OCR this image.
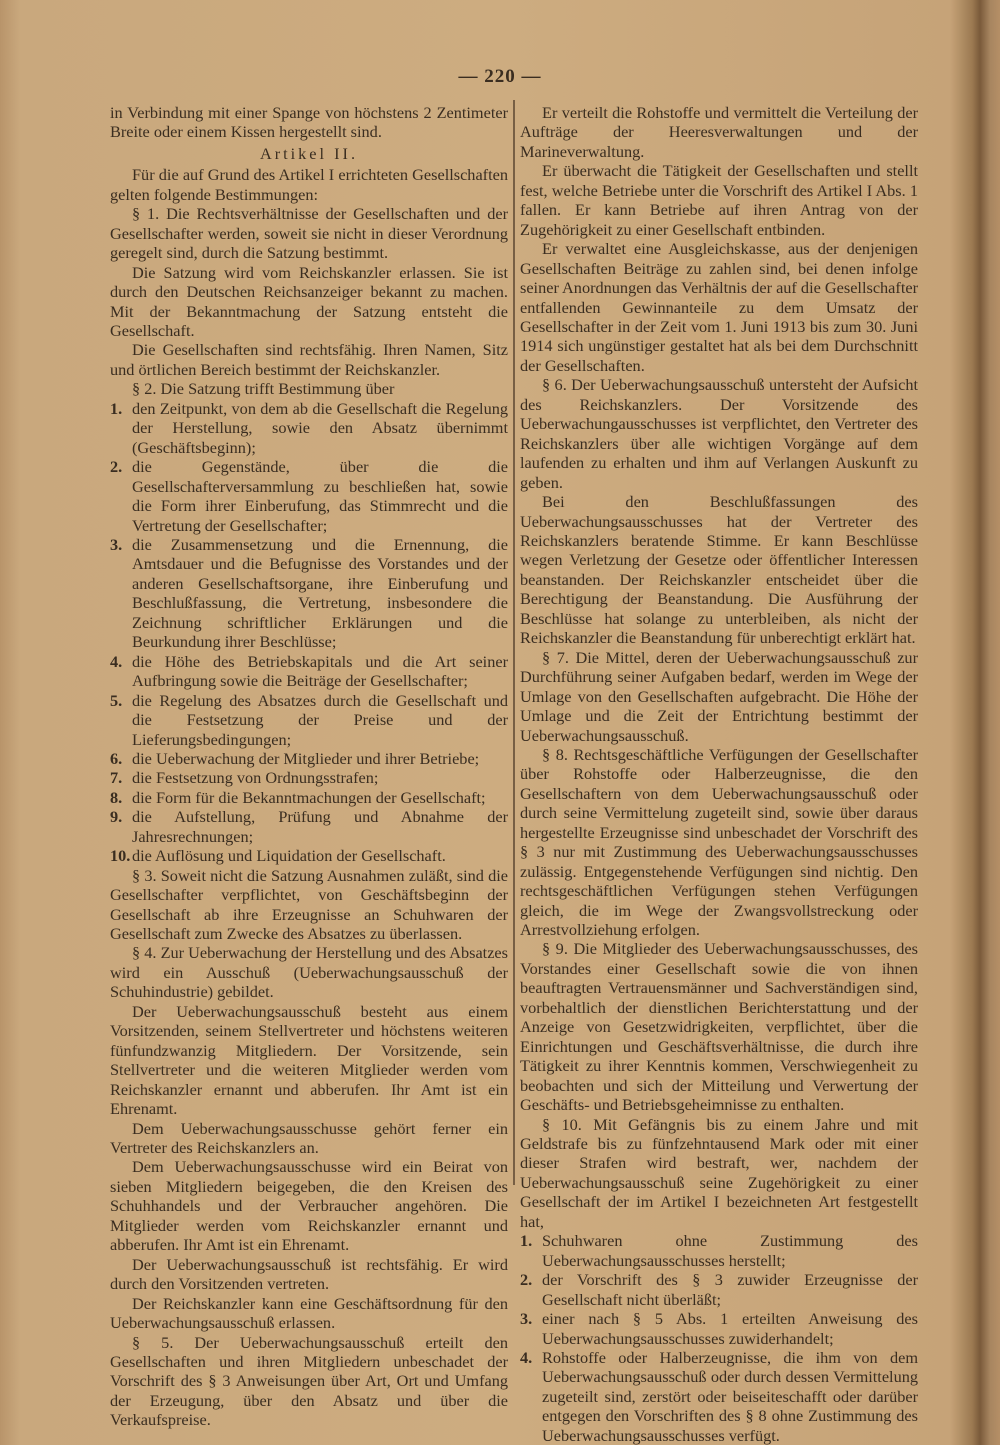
— 220 —

in Verbindung mit einer Spange von höchstens 2 Zentimeter Breite oder einem Kissen hergestellt sind.

Artikel II.

Für die auf Grund des Artikel I errichteten Gesellschaften gelten folgende Bestimmungen:

§ 1. Die Rechtsverhältnisse der Gesellschaften und der Gesellschafter werden, soweit sie nicht in dieser Verordnung geregelt sind, durch die Satzung bestimmt.

Die Satzung wird vom Reichskanzler erlassen. Sie ist durch den Deutschen Reichsanzeiger bekannt zu machen. Mit der Bekanntmachung der Satzung entsteht die Gesellschaft.

Die Gesellschaften sind rechtsfähig. Ihren Namen, Sitz und örtlichen Bereich bestimmt der Reichskanzler.

§ 2. Die Satzung trifft Bestimmung über

1. den Zeitpunkt, von dem ab die Gesellschaft die Regelung der Herstellung, sowie den Absatz übernimmt (Geschäftsbeginn);

2. die Gegenstände, über die die Gesellschafterversammlung zu beschließen hat, sowie die Form ihrer Einberufung, das Stimmrecht und die Vertretung der Gesellschafter;

3. die Zusammensetzung und die Ernennung, die Amtsdauer und die Befugnisse des Vorstandes und der anderen Gesellschaftsorgane, ihre Einberufung und Beschlußfassung, die Vertretung, insbesondere die Zeichnung schriftlicher Erklärungen und die Beurkundung ihrer Beschlüsse;

4. die Höhe des Betriebskapitals und die Art seiner Aufbringung sowie die Beiträge der Gesellschafter;

5. die Regelung des Absatzes durch die Gesellschaft und die Festsetzung der Preise und der Lieferungsbedingungen;

6. die Ueberwachung der Mitglieder und ihrer Betriebe;

7. die Festsetzung von Ordnungsstrafen;

8. die Form für die Bekanntmachungen der Gesellschaft;

9. die Aufstellung, Prüfung und Abnahme der Jahresrechnungen;

10. die Auflösung und Liquidation der Gesellschaft.

§ 3. Soweit nicht die Satzung Ausnahmen zuläßt, sind die Gesellschafter verpflichtet, von Geschäftsbeginn der Gesellschaft ab ihre Erzeugnisse an Schuhwaren der Gesellschaft zum Zwecke des Absatzes zu überlassen.

§ 4. Zur Ueberwachung der Herstellung und des Absatzes wird ein Ausschuß (Ueberwachungsausschuß der Schuhindustrie) gebildet.

Der Ueberwachungsausschuß besteht aus einem Vorsitzenden, seinem Stellvertreter und höchstens weiteren fünfundzwanzig Mitgliedern. Der Vorsitzende, sein Stellvertreter und die weiteren Mitglieder werden vom Reichskanzler ernannt und abberufen. Ihr Amt ist ein Ehrenamt.

Dem Ueberwachungsausschusse gehört ferner ein Vertreter des Reichskanzlers an.

Dem Ueberwachungsausschusse wird ein Beirat von sieben Mitgliedern beigegeben, die den Kreisen des Schuhhandels und der Verbraucher angehören. Die Mitglieder werden vom Reichskanzler ernannt und abberufen. Ihr Amt ist ein Ehrenamt.

Der Ueberwachungsausschuß ist rechtsfähig. Er wird durch den Vorsitzenden vertreten.

Der Reichskanzler kann eine Geschäftsordnung für den Ueberwachungsausschuß erlassen.

§ 5. Der Ueberwachungsausschuß erteilt den Gesellschaften und ihren Mitgliedern unbeschadet der Vorschrift des § 3 Anweisungen über Art, Ort und Umfang der Erzeugung, über den Absatz und über die Verkaufspreise.

Er verteilt die Rohstoffe und vermittelt die Verteilung der Aufträge der Heeresverwaltungen und der Marineverwaltung.

Er überwacht die Tätigkeit der Gesellschaften und stellt fest, welche Betriebe unter die Vorschrift des Artikel I Abs. 1 fallen. Er kann Betriebe auf ihren Antrag von der Zugehörigkeit zu einer Gesellschaft entbinden.

Er verwaltet eine Ausgleichskasse, aus der denjenigen Gesellschaften Beiträge zu zahlen sind, bei denen infolge seiner Anordnungen das Verhältnis der auf die Gesellschafter entfallenden Gewinnanteile zu dem Umsatz der Gesellschafter in der Zeit vom 1. Juni 1913 bis zum 30. Juni 1914 sich ungünstiger gestaltet hat als bei dem Durchschnitt der Gesellschaften.

§ 6. Der Ueberwachungsausschuß untersteht der Aufsicht des Reichskanzlers. Der Vorsitzende des Ueberwachungausschusses ist verpflichtet, den Vertreter des Reichskanzlers über alle wichtigen Vorgänge auf dem laufenden zu erhalten und ihm auf Verlangen Auskunft zu geben.

Bei den Beschlußfassungen des Ueberwachungsausschusses hat der Vertreter des Reichskanzlers beratende Stimme. Er kann Beschlüsse wegen Verletzung der Gesetze oder öffentlicher Interessen beanstanden. Der Reichskanzler entscheidet über die Berechtigung der Beanstandung. Die Ausführung der Beschlüsse hat solange zu unterbleiben, als nicht der Reichskanzler die Beanstandung für unberechtigt erklärt hat.

§ 7. Die Mittel, deren der Ueberwachungsausschuß zur Durchführung seiner Aufgaben bedarf, werden im Wege der Umlage von den Gesellschaften aufgebracht. Die Höhe der Umlage und die Zeit der Entrichtung bestimmt der Ueberwachungsausschuß.

§ 8. Rechtsgeschäftliche Verfügungen der Gesellschafter über Rohstoffe oder Halberzeugnisse, die den Gesellschaftern von dem Ueberwachungsausschuß oder durch seine Vermittelung zugeteilt sind, sowie über daraus hergestellte Erzeugnisse sind unbeschadet der Vorschrift des § 3 nur mit Zustimmung des Ueberwachungsausschusses zulässig. Entgegenstehende Verfügungen sind nichtig. Den rechtsgeschäftlichen Verfügungen stehen Verfügungen gleich, die im Wege der Zwangsvollstreckung oder Arrestvollziehung erfolgen.

§ 9. Die Mitglieder des Ueberwachungsausschusses, des Vorstandes einer Gesellschaft sowie die von ihnen beauftragten Vertrauensmänner und Sachverständigen sind, vorbehaltlich der dienstlichen Berichterstattung und der Anzeige von Gesetzwidrigkeiten, verpflichtet, über die Einrichtungen und Geschäftsverhältnisse, die durch ihre Tätigkeit zu ihrer Kenntnis kommen, Verschwiegenheit zu beobachten und sich der Mitteilung und Verwertung der Geschäfts- und Betriebsgeheimnisse zu enthalten.

§ 10. Mit Gefängnis bis zu einem Jahre und mit Geldstrafe bis zu fünfzehntausend Mark oder mit einer dieser Strafen wird bestraft, wer, nachdem der Ueberwachungsausschuß seine Zugehörigkeit zu einer Gesellschaft der im Artikel I bezeichneten Art festgestellt hat,

1. Schuhwaren ohne Zustimmung des Ueberwachungsausschusses herstellt;

2. der Vorschrift des § 3 zuwider Erzeugnisse der Gesellschaft nicht überläßt;

3. einer nach § 5 Abs. 1 erteilten Anweisung des Ueberwachungsausschusses zuwiderhandelt;

4. Rohstoffe oder Halberzeugnisse, die ihm von dem Ueberwachungsausschuß oder durch dessen Vermittelung zugeteilt sind, zerstört oder beiseiteschafft oder darüber entgegen den Vorschriften des § 8 ohne Zustimmung des Ueberwachungsausschusses verfügt.
